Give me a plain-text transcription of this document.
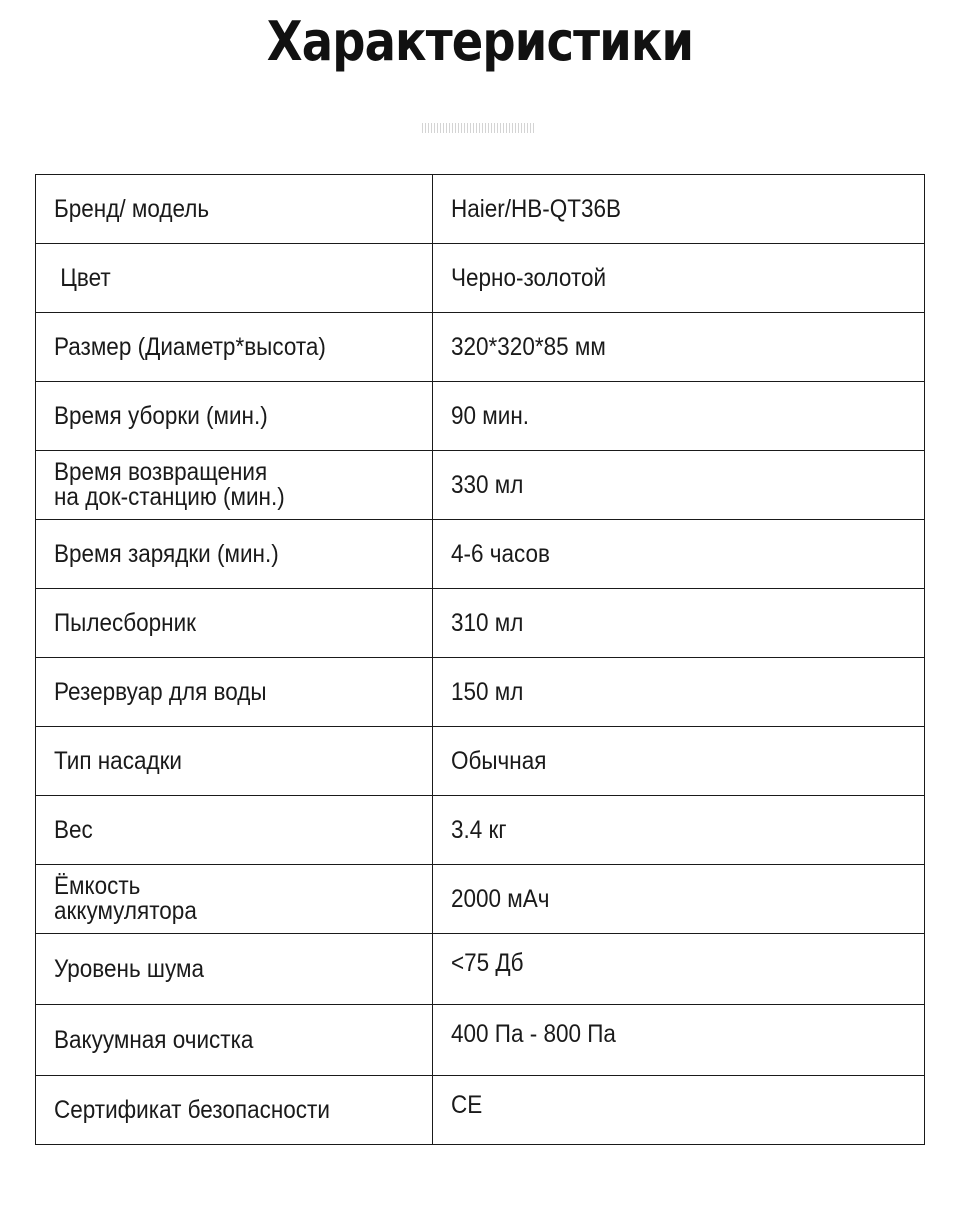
Характеристики
Бренд/ модель	Haier/HB-QT36B
Цвет	Черно-золотой
Размер (Диаметр*высота)	320*320*85 мм
Время уборки (мин.)	90 мин.
Время возвращения
на док-станцию (мин.)	330 мл
Время зарядки (мин.)	4-6 часов
Пылесборник	310 мл
Резервуар для воды	150 мл
Тип насадки	Обычная
Вес	3.4 кг
Ёмкость
аккумулятора	2000 мАч
Уровень шума	<75 Дб
Вакуумная очистка	400 Па - 800 Па
Сертификат безопасности	CE
